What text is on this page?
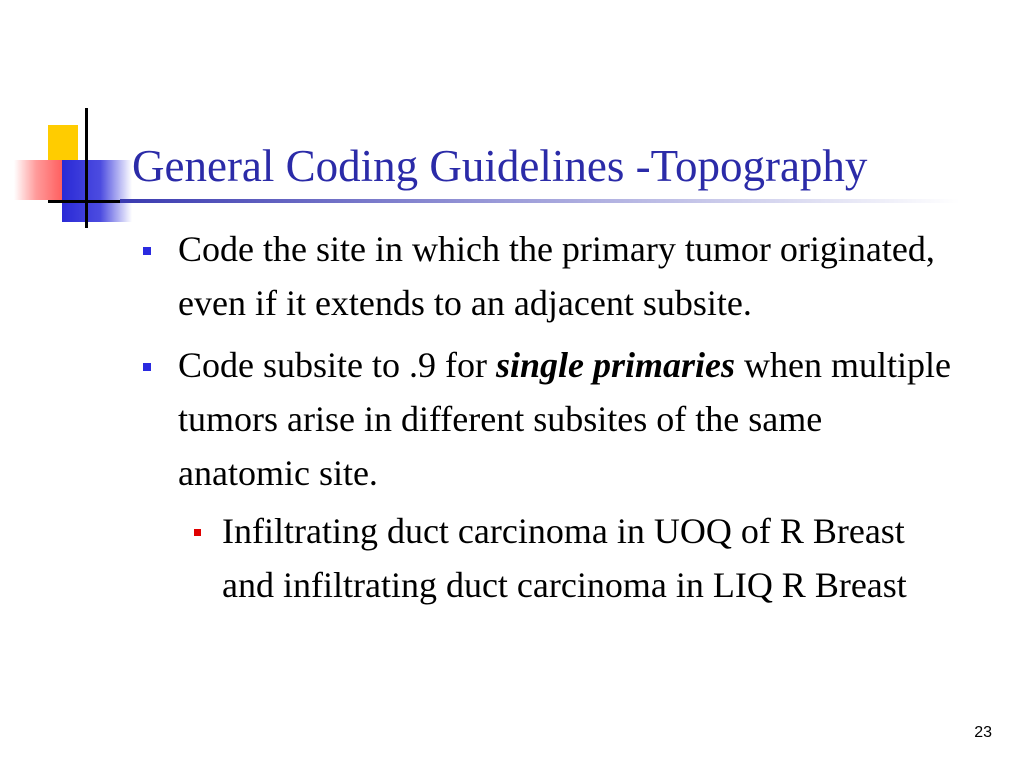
General Coding Guidelines -Topography
Code the site in which the primary tumor originated, even if it extends to an adjacent subsite.
Code subsite to .9 for single primaries when multiple tumors arise in different subsites of the same anatomic site.
Infiltrating duct carcinoma in UOQ of R Breast and infiltrating duct carcinoma in LIQ R Breast
23
